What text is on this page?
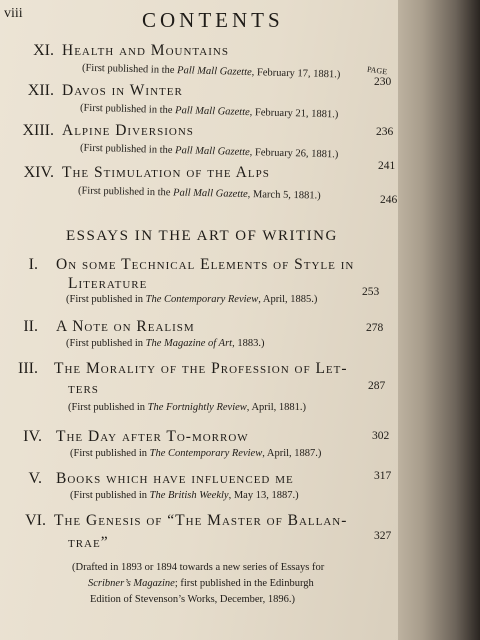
viii	CONTENTS
PAGE
XI. Health and Mountains
(First published in the Pall Mall Gazette, February 17, 1881.)
230
XII. Davos in Winter
(First published in the Pall Mall Gazette, February 21, 1881.)
236
XIII. Alpine Diversions
(First published in the Pall Mall Gazette, February 26, 1881.)
241
XIV. The Stimulation of the Alps
(First published in the Pall Mall Gazette, March 5, 1881.)	246
ESSAYS IN THE ART OF WRITING
I. On some Technical Elements of Style in
Literature
(First published in The Contemporary Review, April, 1885.)
253
II. A Note on Realism
(First published in The Magazine of Art, 1883.)
278
III. The Morality of the Profession of Let-
ters
(First published in The Fortnightly Review, April, 1881.)
287
IV. The Day after To-morrow
(First published in The Contemporary Review, April, 1887.)
302
V. Books which have influenced me
(First published in The British Weekly, May 13, 1887.)
317
VI. The Genesis of “The Master of Ballan-
trae”	327
(Drafted in 1893 or 1894 towards a new series of Essays for
Scribner’s Magazine; first published in the Edinburgh
Edition of Stevenson’s Works, December, 1896.)
